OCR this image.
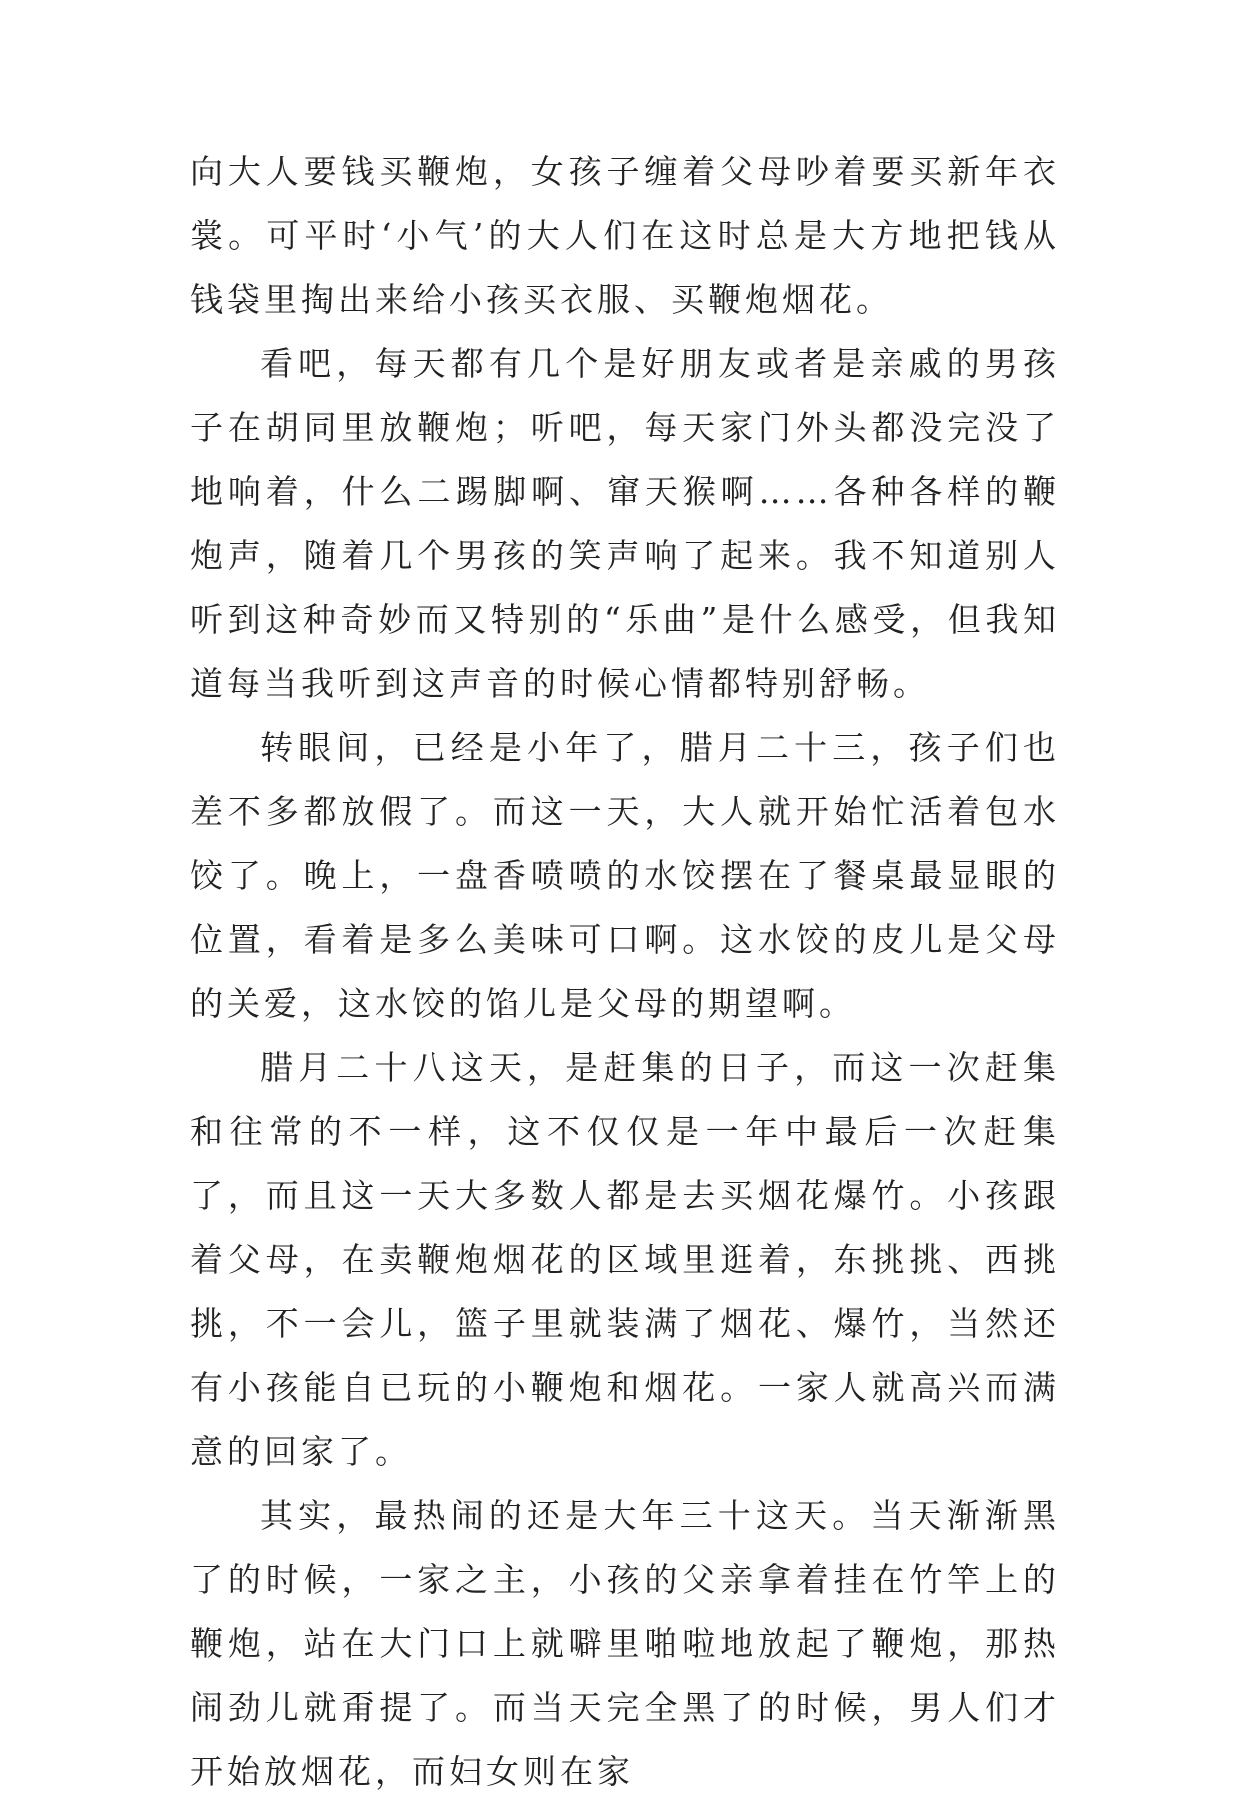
向大人要钱买鞭炮，女孩子缠着父母吵着要买新年衣裳。可平时‘小气’的大人们在这时总是大方地把钱从钱袋里掏出来给小孩买衣服、买鞭炮烟花。

看吧，每天都有几个是好朋友或者是亲戚的男孩子在胡同里放鞭炮；听吧，每天家门外头都没完没了地响着，什么二踢脚啊、窜天猴啊……各种各样的鞭炮声，随着几个男孩的笑声响了起来。我不知道别人听到这种奇妙而又特别的“乐曲”是什么感受，但我知道每当我听到这声音的时候心情都特别舒畅。

转眼间，已经是小年了，腊月二十三，孩子们也差不多都放假了。而这一天，大人就开始忙活着包水饺了。晚上，一盘香喷喷的水饺摆在了餐桌最显眼的位置，看着是多么美味可口啊。这水饺的皮儿是父母的关爱，这水饺的馅儿是父母的期望啊。

腊月二十八这天，是赶集的日子，而这一次赶集和往常的不一样，这不仅仅是一年中最后一次赶集了，而且这一天大多数人都是去买烟花爆竹。小孩跟着父母，在卖鞭炮烟花的区域里逛着，东挑挑、西挑挑，不一会儿，篮子里就装满了烟花、爆竹，当然还有小孩能自已玩的小鞭炮和烟花。一家人就高兴而满意的回家了。

其实，最热闹的还是大年三十这天。当天渐渐黑了的时候，一家之主，小孩的父亲拿着挂在竹竿上的鞭炮，站在大门口上就噼里啪啦地放起了鞭炮，那热闹劲儿就甭提了。而当天完全黑了的时候，男人们才开始放烟花，而妇女则在家
